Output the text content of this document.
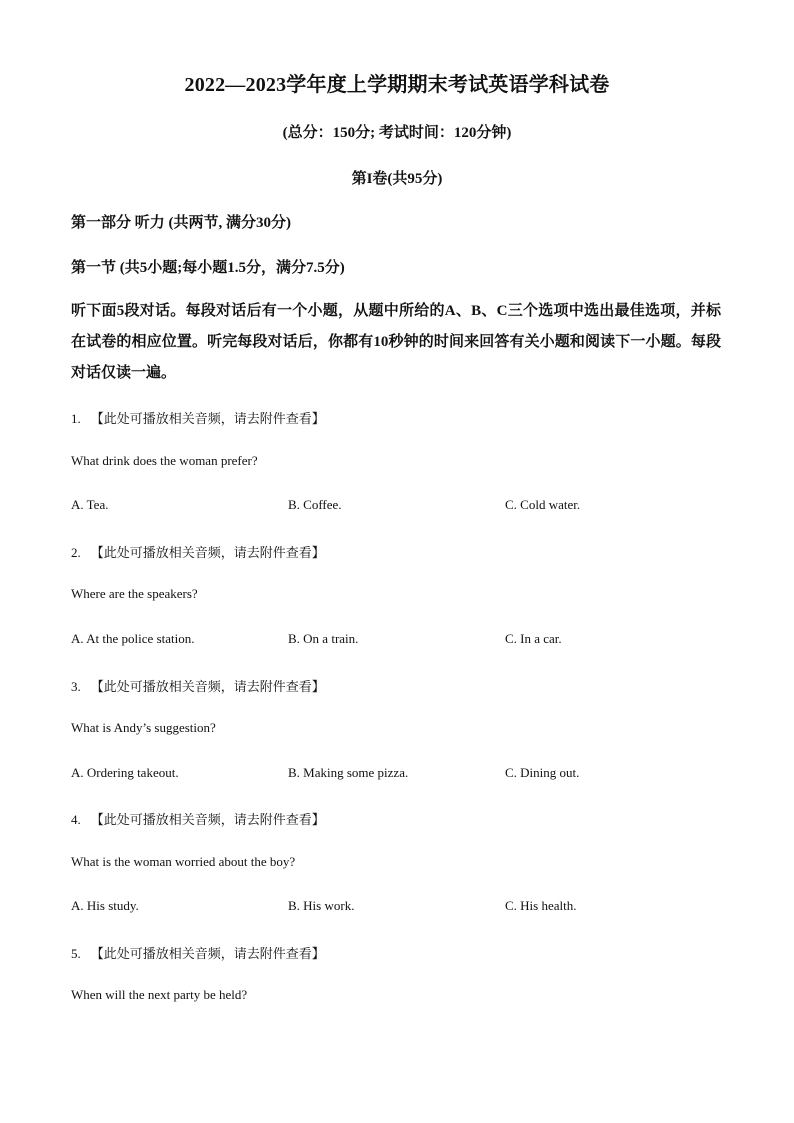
2022—2023学年度上学期期末考试英语学科试卷
(总分：150分; 考试时间：120分钟)
第I卷(共95分)
第一部分 听力 (共两节, 满分30分)
第一节 (共5小题;每小题1.5分，满分7.5分)
听下面5段对话。每段对话后有一个小题，从题中所给的A、B、C三个选项中选出最佳选项，并标在试卷的相应位置。听完每段对话后，你都有10秒钟的时间来回答有关小题和阅读下一小题。每段对话仅读一遍。
1. 【此处可播放相关音频，请去附件查看】
What drink does the woman prefer?
A. Tea.	B. Coffee.	C. Cold water.
2. 【此处可播放相关音频，请去附件查看】
Where are the speakers?
A. At the police station.	B. On a train.	C. In a car.
3. 【此处可播放相关音频，请去附件查看】
What is Andy’s suggestion?
A. Ordering takeout.	B. Making some pizza.	C. Dining out.
4. 【此处可播放相关音频，请去附件查看】
What is the woman worried about the boy?
A. His study.	B. His work.	C. His health.
5. 【此处可播放相关音频，请去附件查看】
When will the next party be held?
